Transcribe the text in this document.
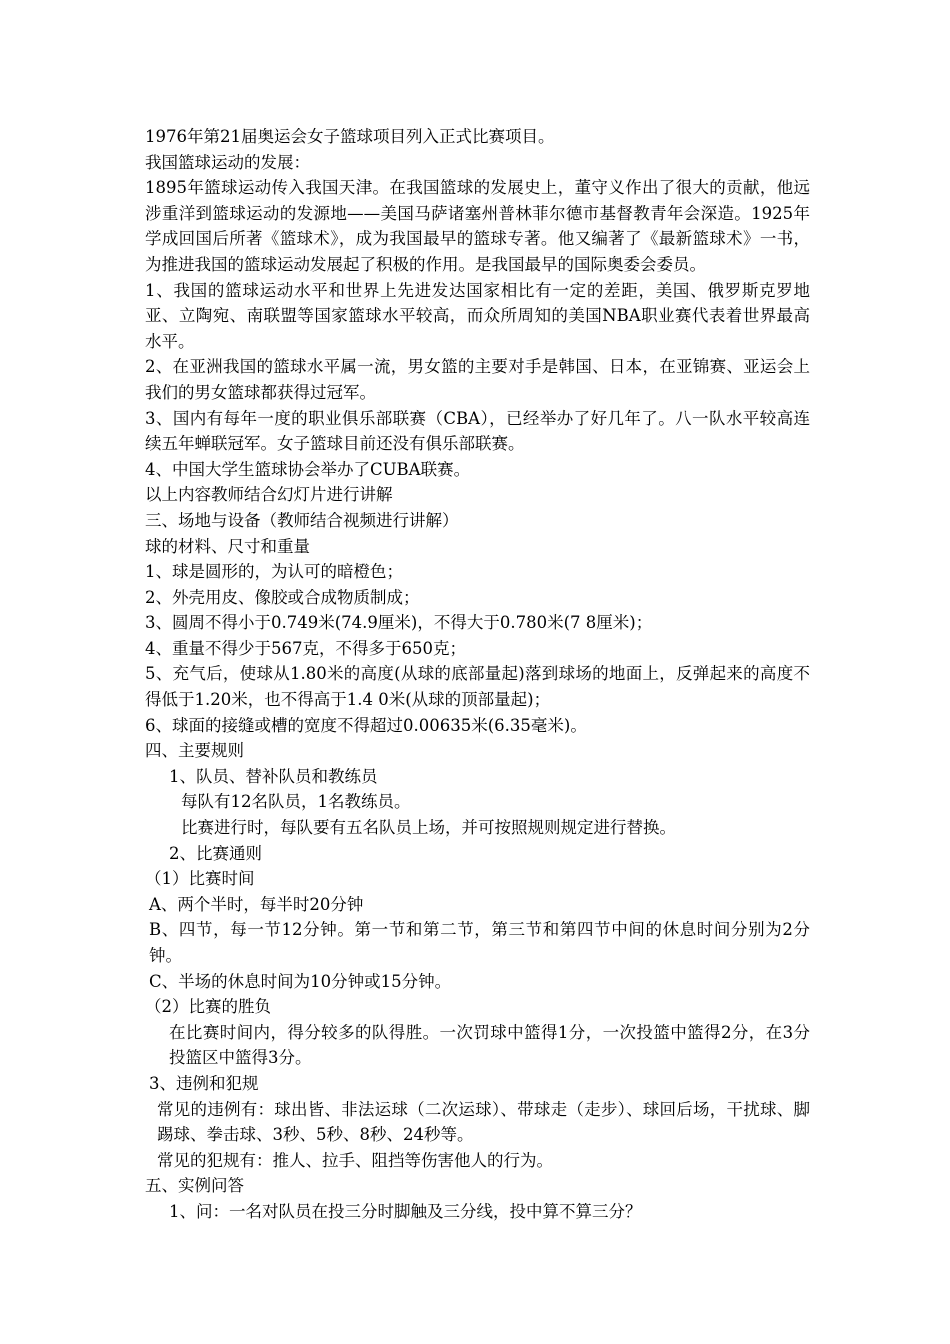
1976年第21届奥运会女子篮球项目列入正式比赛项目。

我国篮球运动的发展：

1895年篮球运动传入我国天津。在我国篮球的发展史上，董守义作出了很大的贡献，他远涉重洋到篮球运动的发源地——美国马萨诸塞州普林菲尔德市基督教青年会深造。1925年学成回国后所著《篮球术》，成为我国最早的篮球专著。他又编著了《最新篮球术》一书，为推进我国的篮球运动发展起了积极的作用。是我国最早的国际奥委会委员。

1、我国的篮球运动水平和世界上先进发达国家相比有一定的差距，美国、俄罗斯克罗地亚、立陶宛、南联盟等国家篮球水平较高，而众所周知的美国NBA职业赛代表着世界最高水平。

2、在亚洲我国的篮球水平属一流，男女篮的主要对手是韩国、日本，在亚锦赛、亚运会上我们的男女篮球都获得过冠军。

3、国内有每年一度的职业俱乐部联赛（CBA），已经举办了好几年了。八一队水平较高连续五年蝉联冠军。女子篮球目前还没有俱乐部联赛。

4、中国大学生篮球协会举办了CUBA联赛。

以上内容教师结合幻灯片进行讲解

三、场地与设备（教师结合视频进行讲解）

球的材料、尺寸和重量

1、球是圆形的，为认可的暗橙色；

2、外壳用皮、像胶或合成物质制成；

3、圆周不得小于0.749米(74.9厘米)，不得大于0.780米(7 8厘米)；

4、重量不得少于567克，不得多于650克；

5、充气后，使球从1.80米的高度(从球的底部量起)落到球场的地面上，反弹起来的高度不得低于1.20米，也不得高于1.4 0米(从球的顶部量起)；

6、球面的接缝或槽的宽度不得超过0.00635米(6.35毫米)。

四、主要规则

1、队员、替补队员和教练员

每队有12名队员，1名教练员。

比赛进行时，每队要有五名队员上场，并可按照规则规定进行替换。

2、比赛通则

（1）比赛时间

A、两个半时，每半时20分钟

B、四节，每一节12分钟。第一节和第二节，第三节和第四节中间的休息时间分别为2分钟。

C、半场的休息时间为10分钟或15分钟。

（2）比赛的胜负

在比赛时间内，得分较多的队得胜。一次罚球中篮得1分，一次投篮中篮得2分，在3分投篮区中篮得3分。

3、违例和犯规

常见的违例有：球出皆、非法运球（二次运球）、带球走（走步）、球回后场，干扰球、脚踢球、拳击球、3秒、5秒、8秒、24秒等。

常见的犯规有：推人、拉手、阻挡等伤害他人的行为。

五、实例问答

1、问：一名对队员在投三分时脚触及三分线，投中算不算三分？
